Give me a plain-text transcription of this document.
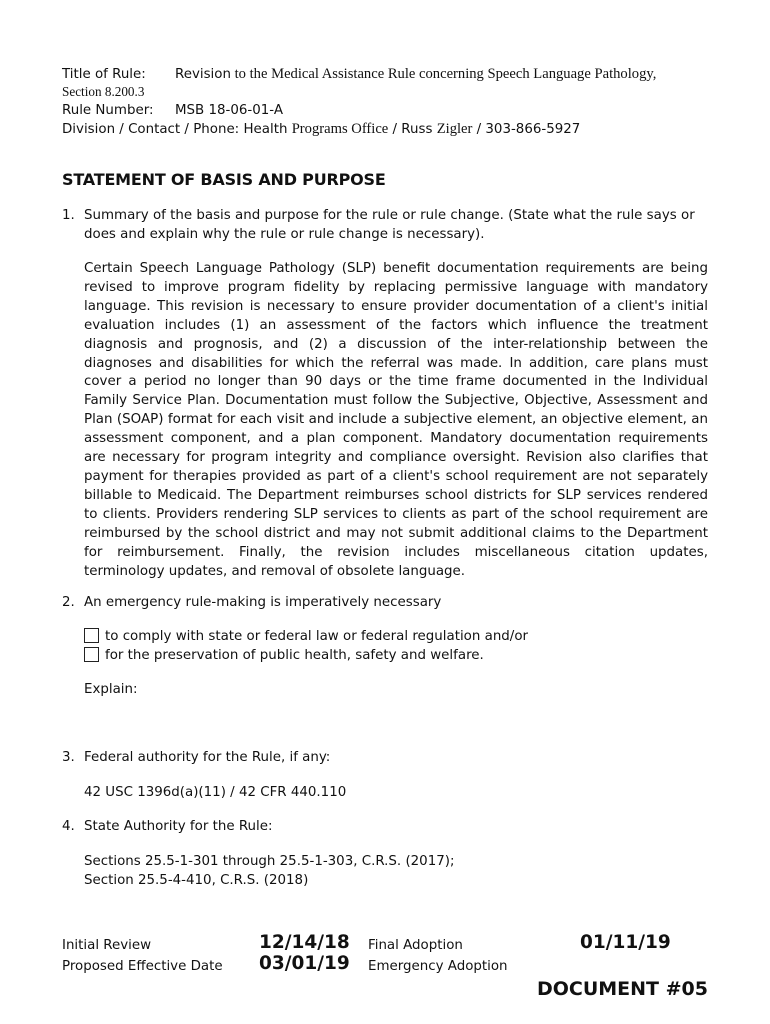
Title of Rule: Revision to the Medical Assistance Rule concerning Speech Language Pathology,
Section 8.200.3
Rule Number: MSB 18-06-01-A
Division / Contact / Phone: Health Programs Office / Russ Zigler / 303-866-5927
STATEMENT OF BASIS AND PURPOSE
1. Summary of the basis and purpose for the rule or rule change. (State what the rule says or does and explain why the rule or rule change is necessary).
Certain Speech Language Pathology (SLP) benefit documentation requirements are being revised to improve program fidelity by replacing permissive language with mandatory language. This revision is necessary to ensure provider documentation of a client's initial evaluation includes (1) an assessment of the factors which influence the treatment diagnosis and prognosis, and (2) a discussion of the inter-relationship between the diagnoses and disabilities for which the referral was made. In addition, care plans must cover a period no longer than 90 days or the time frame documented in the Individual Family Service Plan. Documentation must follow the Subjective, Objective, Assessment and Plan (SOAP) format for each visit and include a subjective element, an objective element, an assessment component, and a plan component. Mandatory documentation requirements are necessary for program integrity and compliance oversight. Revision also clarifies that payment for therapies provided as part of a client's school requirement are not separately billable to Medicaid. The Department reimburses school districts for SLP services rendered to clients. Providers rendering SLP services to clients as part of the school requirement are reimbursed by the school district and may not submit additional claims to the Department for reimbursement. Finally, the revision includes miscellaneous citation updates, terminology updates, and removal of obsolete language.
2. An emergency rule-making is imperatively necessary
to comply with state or federal law or federal regulation and/or
for the preservation of public health, safety and welfare.
Explain:
3. Federal authority for the Rule, if any:
42 USC 1396d(a)(11) / 42 CFR 440.110
4. State Authority for the Rule:
Sections 25.5-1-301 through 25.5-1-303, C.R.S. (2017);
Section 25.5-4-410, C.R.S. (2018)
Initial Review	12/14/18 Final Adoption	01/11/19
Proposed Effective Date 03/01/19 Emergency Adoption
DOCUMENT #05
